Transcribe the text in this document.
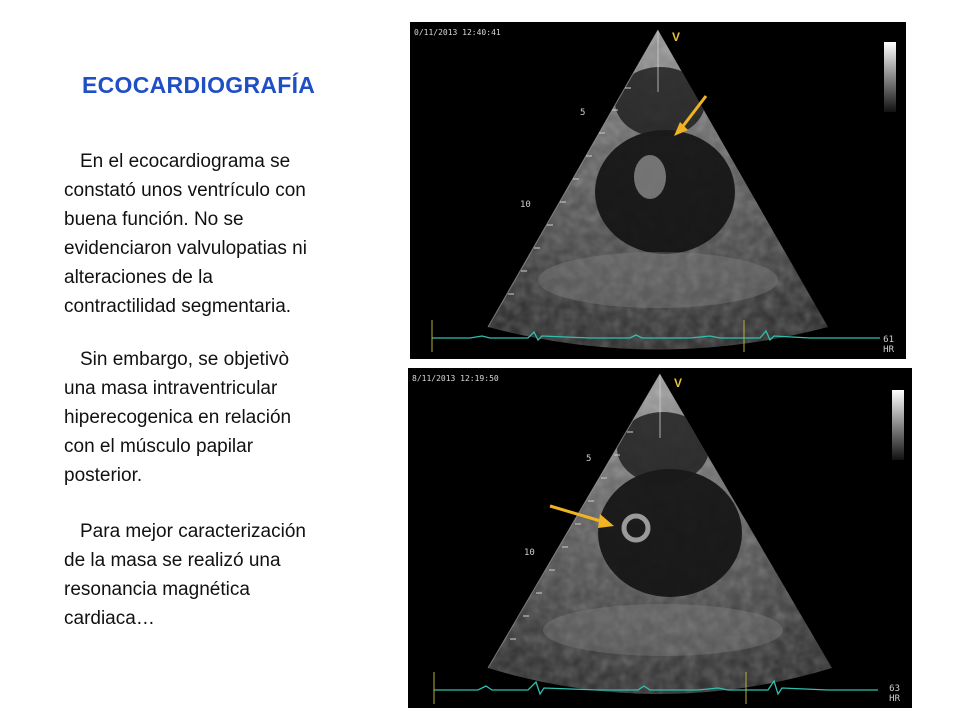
ECOCARDIOGRAFÍA
En el ecocardiograma se
constató unos ventrículo con
buena función. No se
evidenciaron valvulopatias ni
alteraciones de la
contractilidad segmentaria.
Sin embargo, se objetivò
una masa intraventricular
hiperecogenica en relación
con el músculo papilar
posterior.
Para mejor caracterización
de la masa se realizó una
resonancia magnética
cardiaca…
0/11/2013 12:40:41	V
5
10
61
HR
8/11/2013 12:19:50	V
5
10
63
HR
